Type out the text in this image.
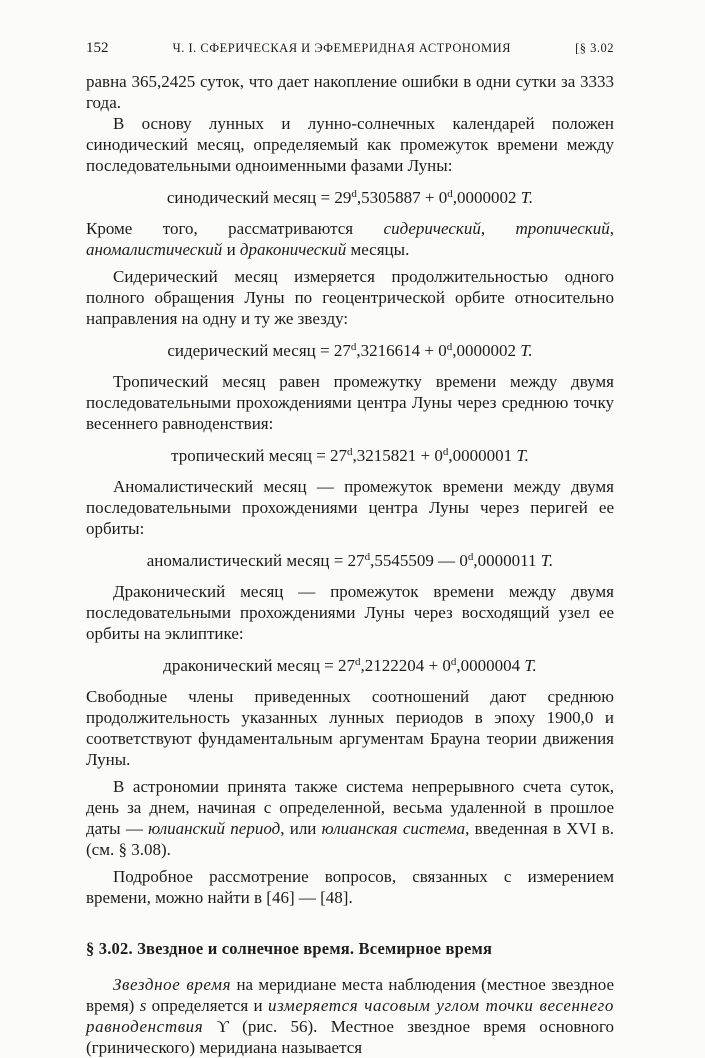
152	Ч. I. СФЕРИЧЕСКАЯ И ЭФЕМЕРИДНАЯ АСТРОНОМИЯ	[§ 3.02

равна 365,2425 суток, что дает накопление ошибки в одни сутки за 3333 года.

В основу лунных и лунно-солнечных календарей положен синодический месяц, определяемый как промежуток времени между последовательными одноименными фазами Луны:

синодический месяц = $29^d,5305887 + 0^d,0000002$ T.

Кроме того, рассматриваются сидерический, тропический, аномалистический и драконический месяцы.

Сидерический месяц измеряется продолжительностью одного полного обращения Луны по геоцентрической орбите относительно направления на одну и ту же звезду:

сидерический месяц = $27^d,3216614 + 0^d,0000002$ T.

Тропический месяц равен промежутку времени между двумя последовательными прохождениями центра Луны через среднюю точку весеннего равноденствия:

тропический месяц = $27^d,3215821 + 0^d,0000001$ T.

Аномалистический месяц — промежуток времени между двумя последовательными прохождениями центра Луны через перигей ее орбиты:

аномалистический месяц = $27^d,5545509$ — 0$^d$,0000011 T.

Драконический месяц — промежуток времени между двумя последовательными прохождениями Луны через восходящий узел ее орбиты на эклиптике:

драконический месяц = $27^d,2122204 + 0^d,0000004$ T.

Свободные члены приведенных соотношений дают среднюю продолжительность указанных лунных периодов в эпоху 1900,0 и соответствуют фундаментальным аргументам Брауна теории движения Луны.

В астрономии принята также система непрерывного счета суток, день за днем, начиная с определенной, весьма удаленной в прошлое даты — юлианский период, или юлианская система, введенная в XVI в. (см. § 3.08).

Подробное рассмотрение вопросов, связанных с измерением времени, можно найти в [46] — [48].

§ 3.02. Звездное и солнечное время. Всемирное время

Звездное время на меридиане места наблюдения (местное звездное время) s определяется и измеряется часовым углом точки весеннего равноденствия ϒ (рис. 56). Местное звездное время основного (гринического) меридиана называется
